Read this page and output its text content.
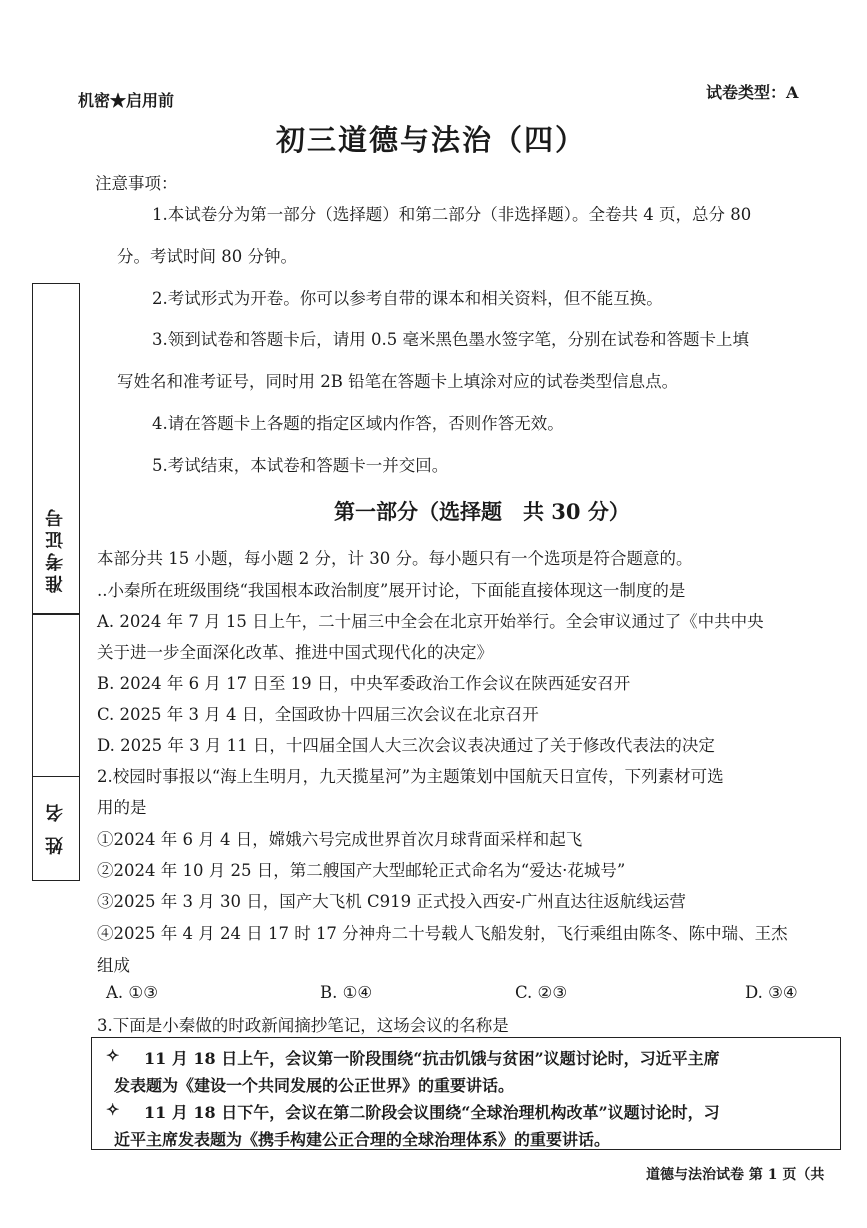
机密★启用前	试卷类型：A
初三道德与法治（四）
注意事项：
1.本试卷分为第一部分（选择题）和第二部分（非选择题）。全卷共 4 页，总分 80
分。考试时间 80 分钟。
2.考试形式为开卷。你可以参考自带的课本和相关资料，但不能互换。
3.领到试卷和答题卡后，请用 0.5 毫米黑色墨水签字笔，分别在试卷和答题卡上填
写姓名和准考证号，同时用 2B 铅笔在答题卡上填涂对应的试卷类型信息点。
4.请在答题卡上各题的指定区域内作答，否则作答无效。
5.考试结束，本试卷和答题卡一并交回。
准考证号
姓 名
第一部分（选择题　共 30 分）
本部分共 15 小题，每小题 2 分，计 30 分。每小题只有一个选项是符合题意的。
..小秦所在班级围绕“我国根本政治制度”展开讨论，下面能直接体现这一制度的是
A. 2024 年 7 月 15 日上午，二十届三中全会在北京开始举行。全会审议通过了《中共中央
关于进一步全面深化改革、推进中国式现代化的决定》
B. 2024 年 6 月 17 日至 19 日，中央军委政治工作会议在陕西延安召开
C. 2025 年 3 月 4 日，全国政协十四届三次会议在北京召开
D. 2025 年 3 月 11 日，十四届全国人大三次会议表决通过了关于修改代表法的决定
2.校园时事报以“海上生明月，九天揽星河”为主题策划中国航天日宣传，下列素材可选
用的是
①2024 年 6 月 4 日，嫦娥六号完成世界首次月球背面采样和起飞
②2024 年 10 月 25 日，第二艘国产大型邮轮正式命名为“爱达·花城号”
③2025 年 3 月 30 日，国产大飞机 C919 正式投入西安-广州直达往返航线运营
④2025 年 4 月 24 日 17 时 17 分神舟二十号载人飞船发射，飞行乘组由陈冬、陈中瑞、王杰
组成
A. ①③	B. ①④	C. ②③	D. ③④
3.下面是小秦做的时政新闻摘抄笔记，这场会议的名称是
✧ 11 月 18 日上午，会议第一阶段围绕“抗击饥饿与贫困”议题讨论时，习近平主席
发表题为《建设一个共同发展的公正世界》的重要讲话。
✧ 11 月 18 日下午，会议在第二阶段会议围绕“全球治理机构改革”议题讨论时，习
近平主席发表题为《携手构建公正合理的全球治理体系》的重要讲话。
道德与法治试卷 第 1 页（共
